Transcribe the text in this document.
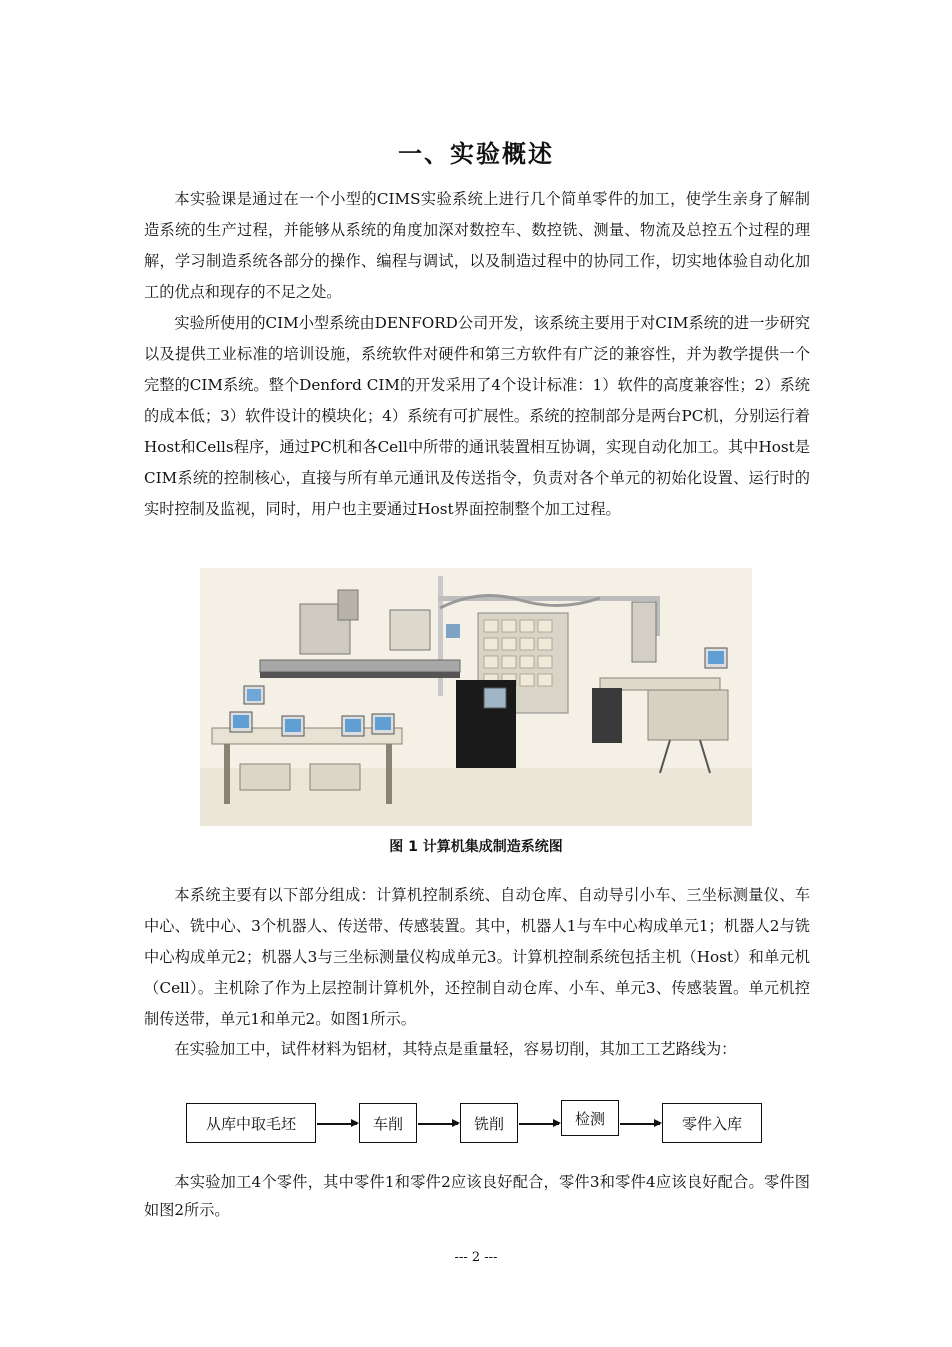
一、实验概述

本实验课是通过在一个小型的CIMS实验系统上进行几个简单零件的加工，使学生亲身了解制造系统的生产过程，并能够从系统的角度加深对数控车、数控铣、测量、物流及总控五个过程的理解，学习制造系统各部分的操作、编程与调试，以及制造过程中的协同工作，切实地体验自动化加工的优点和现存的不足之处。

实验所使用的CIM小型系统由DENFORD公司开发，该系统主要用于对CIM系统的进一步研究以及提供工业标准的培训设施，系统软件对硬件和第三方软件有广泛的兼容性，并为教学提供一个完整的CIM系统。整个Denford CIM的开发采用了4个设计标准：1）软件的高度兼容性；2）系统的成本低；3）软件设计的模块化；4）系统有可扩展性。系统的控制部分是两台PC机，分别运行着Host和Cells程序，通过PC机和各Cell中所带的通讯装置相互协调，实现自动化加工。其中Host是CIM系统的控制核心，直接与所有单元通讯及传送指令，负责对各个单元的初始化设置、运行时的实时控制及监视，同时，用户也主要通过Host界面控制整个加工过程。

图 1 计算机集成制造系统图

本系统主要有以下部分组成：计算机控制系统、自动仓库、自动导引小车、三坐标测量仪、车中心、铣中心、3个机器人、传送带、传感装置。其中，机器人1与车中心构成单元1；机器人2与铣中心构成单元2；机器人3与三坐标测量仪构成单元3。计算机控制系统包括主机（Host）和单元机（Cell）。主机除了作为上层控制计算机外，还控制自动仓库、小车、单元3、传感装置。单元机控制传送带，单元1和单元2。如图1所示。

在实验加工中，试件材料为铝材，其特点是重量轻，容易切削，其加工工艺路线为：

从库中取毛坯	车削	铣削	检测	零件入库

本实验加工4个零件，其中零件1和零件2应该良好配合，零件3和零件4应该良好配合。零件图如图2所示。

--- 2 ---
